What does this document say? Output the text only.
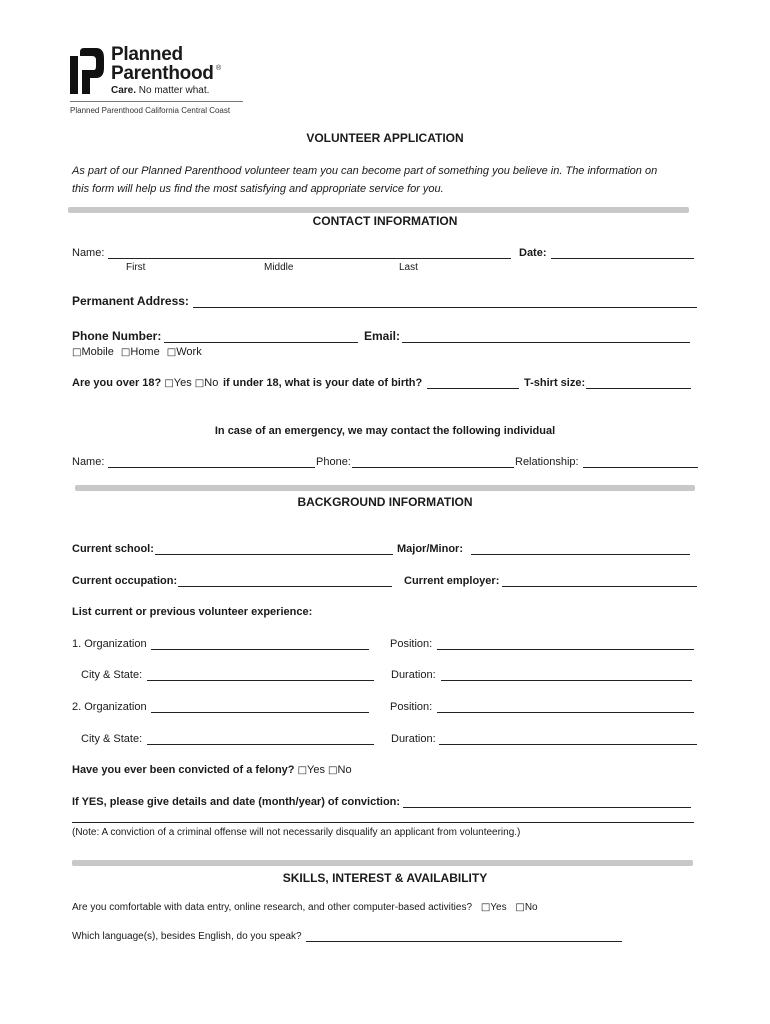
Planned
Parenthood ®
Care. No matter what.
Planned Parenthood California Central Coast
VOLUNTEER APPLICATION
As part of our Planned Parenthood volunteer team you can become part of something you believe in. The information on
this form will help us find the most satisfying and appropriate service for you.
CONTACT INFORMATION
Name:	Date:
First	Middle	Last
Permanent Address:
Phone Number:	Email:
□Mobile □Home □Work
Are you over 18? □Yes □No if under 18, what is your date of birth?	T-shirt size:
In case of an emergency, we may contact the following individual
Name:	Phone:	Relationship:
BACKGROUND INFORMATION
Current school:	Major/Minor:
Current occupation:	Current employer:
List current or previous volunteer experience:
1. Organization	Position:
City & State:	Duration:
2. Organization	Position:
City & State:	Duration:
Have you ever been convicted of a felony? □Yes □No
If YES, please give details and date (month/year) of conviction:
(Note: A conviction of a criminal offense will not necessarily disqualify an applicant from volunteering.)
SKILLS, INTEREST & AVAILABILITY
Are you comfortable with data entry, online research, and other computer-based activities? □Yes □No
Which language(s), besides English, do you speak?
